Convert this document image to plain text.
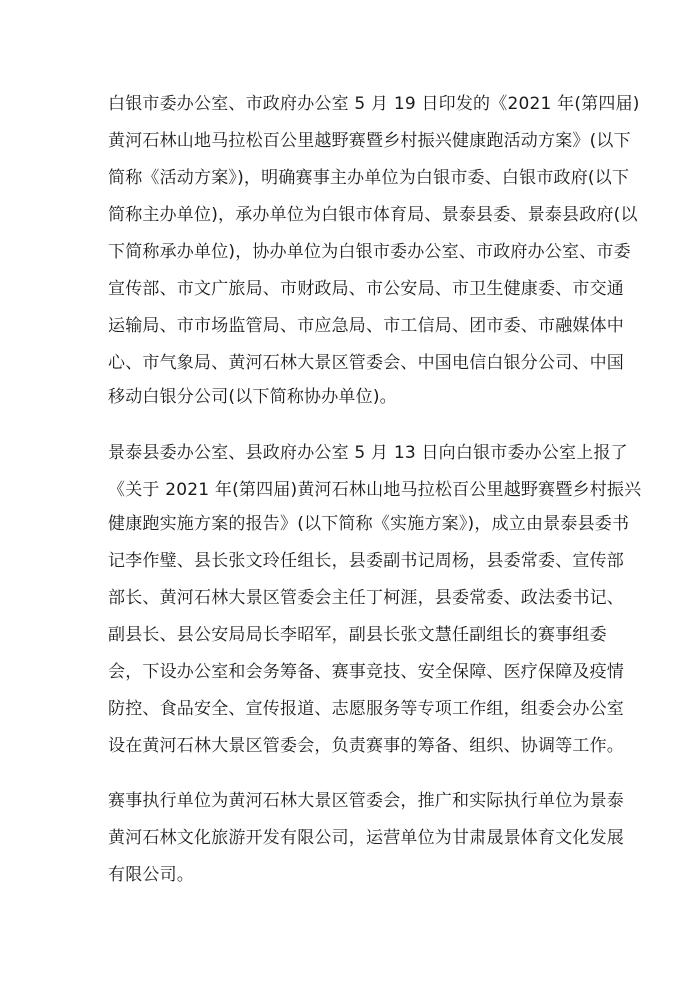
白银市委办公室、市政府办公室 5 月 19 日印发的《2021 年(第四届)
黄河石林山地马拉松百公里越野赛暨乡村振兴健康跑活动方案》(以下
简称《活动方案》)，明确赛事主办单位为白银市委、白银市政府(以下
简称主办单位)，承办单位为白银市体育局、景泰县委、景泰县政府(以
下简称承办单位)，协办单位为白银市委办公室、市政府办公室、市委
宣传部、市文广旅局、市财政局、市公安局、市卫生健康委、市交通
运输局、市市场监管局、市应急局、市工信局、团市委、市融媒体中
心、市气象局、黄河石林大景区管委会、中国电信白银分公司、中国
移动白银分公司(以下简称协办单位)。
景泰县委办公室、县政府办公室 5 月 13 日向白银市委办公室上报了
《关于 2021 年(第四届)黄河石林山地马拉松百公里越野赛暨乡村振兴
健康跑实施方案的报告》(以下简称《实施方案》)，成立由景泰县委书
记李作璧、县长张文玲任组长，县委副书记周杨，县委常委、宣传部
部长、黄河石林大景区管委会主任丁柯涯，县委常委、政法委书记、
副县长、县公安局局长李昭军，副县长张文慧任副组长的赛事组委
会，下设办公室和会务筹备、赛事竞技、安全保障、医疗保障及疫情
防控、食品安全、宣传报道、志愿服务等专项工作组，组委会办公室
设在黄河石林大景区管委会，负责赛事的筹备、组织、协调等工作。
赛事执行单位为黄河石林大景区管委会，推广和实际执行单位为景泰
黄河石林文化旅游开发有限公司，运营单位为甘肃晟景体育文化发展
有限公司。
